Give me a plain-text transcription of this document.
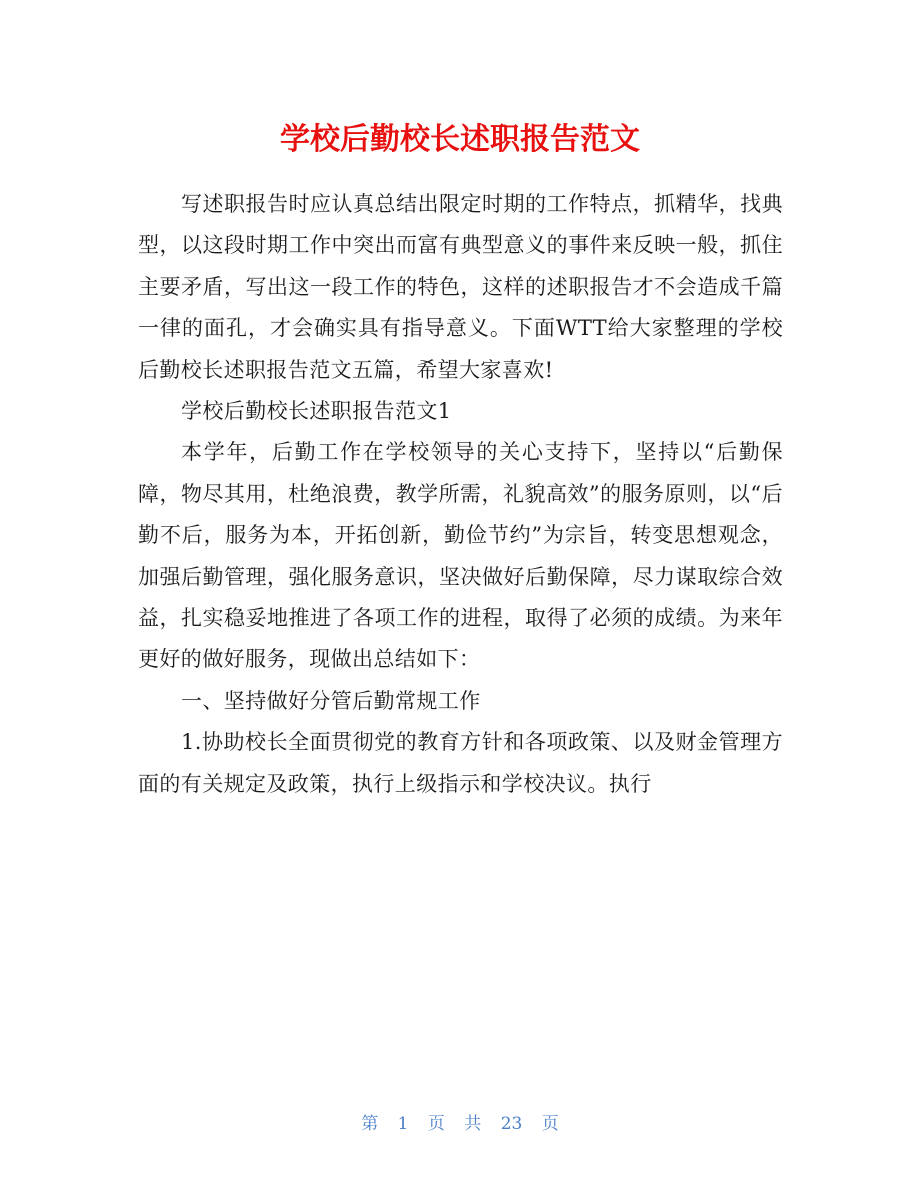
学校后勤校长述职报告范文

写述职报告时应认真总结出限定时期的工作特点，抓精华，找典型，以这段时期工作中突出而富有典型意义的事件来反映一般，抓住主要矛盾，写出这一段工作的特色，这样的述职报告才不会造成千篇一律的面孔，才会确实具有指导意义。下面WTT给大家整理的学校后勤校长述职报告范文五篇，希望大家喜欢!

学校后勤校长述职报告范文1

本学年，后勤工作在学校领导的关心支持下，坚持以“后勤保障，物尽其用，杜绝浪费，教学所需，礼貌高效”的服务原则，以“后勤不后，服务为本，开拓创新，勤俭节约”为宗旨，转变思想观念，加强后勤管理，强化服务意识，坚决做好后勤保障，尽力谋取综合效益，扎实稳妥地推进了各项工作的进程，取得了必须的成绩。为来年更好的做好服务，现做出总结如下：

一、坚持做好分管后勤常规工作

1.协助校长全面贯彻党的教育方针和各项政策、以及财金管理方面的有关规定及政策，执行上级指示和学校决议。执行

第 1 页 共 23 页
